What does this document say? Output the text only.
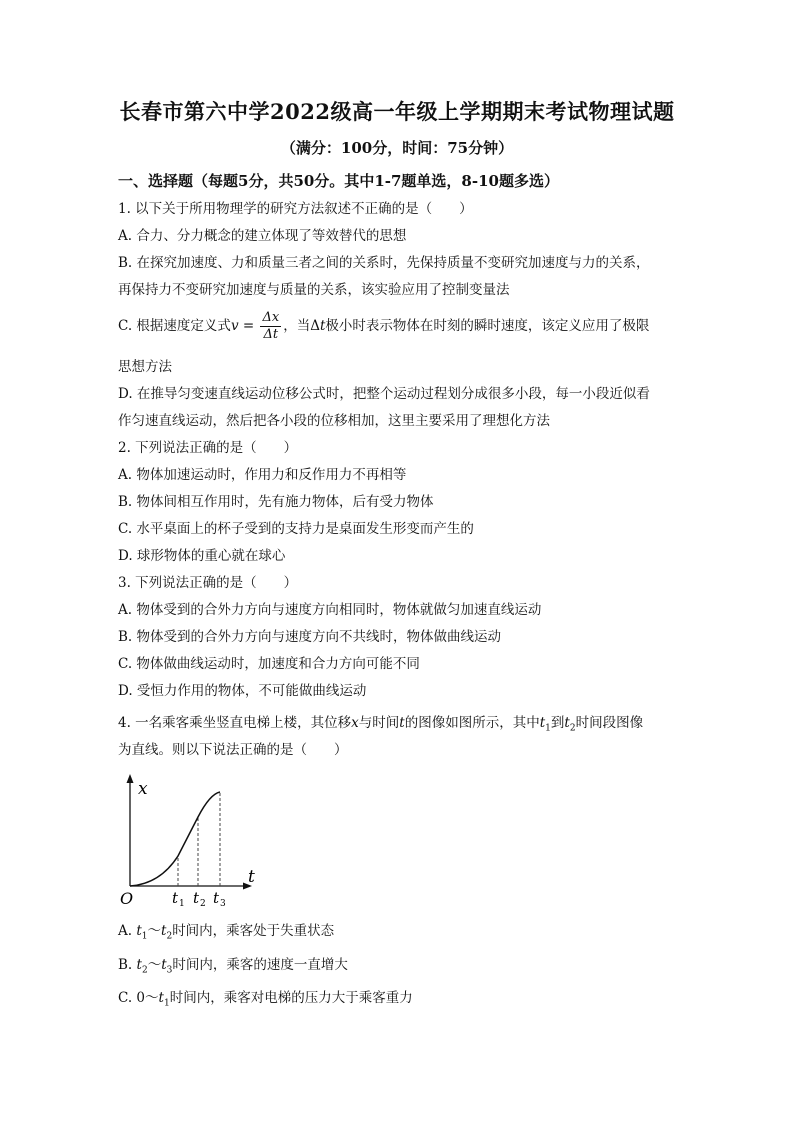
长春市第六中学2022级高一年级上学期期末考试物理试题
（满分：100分，时间：75分钟）
一、选择题（每题5分，共50分。其中1-7题单选，8-10题多选）
1. 以下关于所用物理学的研究方法叙述不正确的是（　　）
A. 合力、分力概念的建立体现了等效替代的思想
B. 在探究加速度、力和质量三者之间的关系时，先保持质量不变研究加速度与力的关系，
再保持力不变研究加速度与质量的关系，该实验应用了控制变量法
C. 根据速度定义式$v = \frac{\Delta x}{\Delta t}$ ，当Δt极小时表示物体在时刻的瞬时速度，该定义应用了极限
思想方法
D. 在推导匀变速直线运动位移公式时，把整个运动过程划分成很多小段，每一小段近似看
作匀速直线运动，然后把各小段的位移相加，这里主要采用了理想化方法
2. 下列说法正确的是（　　）
A. 物体加速运动时，作用力和反作用力不再相等
B. 物体间相互作用时，先有施力物体，后有受力物体
C. 水平桌面上的杯子受到的支持力是桌面发生形变而产生的
D. 球形物体的重心就在球心
3. 下列说法正确的是（　　）
A. 物体受到的合外力方向与速度方向相同时，物体就做匀加速直线运动
B. 物体受到的合外力方向与速度方向不共线时，物体做曲线运动
C. 物体做曲线运动时，加速度和合力方向可能不同
D. 受恒力作用的物体，不可能做曲线运动
4. 一名乘客乘坐竖直电梯上楼，其位移x与时间t的图像如图所示，其中$t_1$到$t_2$时间段图像
为直线。则以下说法正确的是（　　）
x
t
O	t 1 t 2 t 3
A. $t_1\sim t_2$时间内，乘客处于失重状态
B. $t_2\sim t_3$时间内，乘客的速度一直增大
C. $0\sim t_1$时间内，乘客对电梯的压力大于乘客重力
